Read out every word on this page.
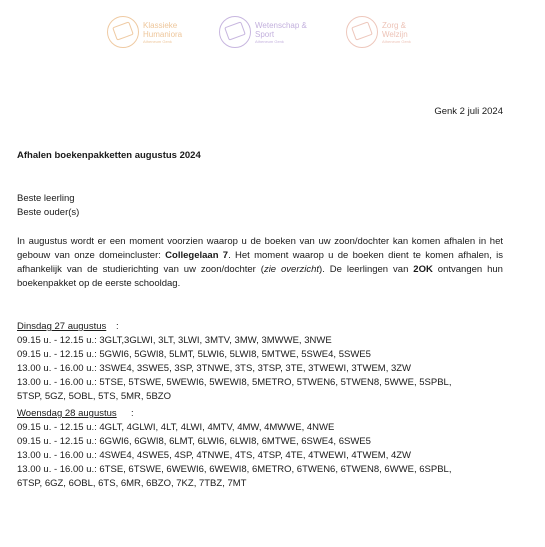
Klassieke
Humaniora
Atheneum Genk
Wetenschap &
Sport
Atheneum Genk
Zorg &
Welzijn
Atheneum Genk
Genk 2 juli 2024
Afhalen boekenpakketten augustus 2024
Beste leerling
Beste ouder(s)
In augustus wordt er een moment voorzien waarop u de boeken van uw zoon/dochter kan komen afhalen in het gebouw van onze domeincluster: Collegelaan 7. Het moment waarop u de boeken dient te komen afhalen, is afhankelijk van de studierichting van uw zoon/dochter (zie overzicht). De leerlingen van 2OK ontvangen hun boekenpakket op de eerste schooldag.
Dinsdag 27 augustus	:
09.15 u. - 12.15 u.: 3GLT,3GLWI, 3LT, 3LWI, 3MTV, 3MW, 3MWWE, 3NWE
09.15 u. - 12.15 u.: 5GWI6, 5GWI8, 5LMT, 5LWI6, 5LWI8, 5MTWE, 5SWE4, 5SWE5
13.00 u. - 16.00 u.: 3SWE4, 3SWE5, 3SP, 3TNWE, 3TS, 3TSP, 3TE, 3TWEWI, 3TWEM, 3ZW
13.00 u. - 16.00 u.: 5TSE, 5TSWE, 5WEWI6, 5WEWI8, 5METRO, 5TWEN6, 5TWEN8, 5WWE, 5SPBL,
5TSP, 5GZ, 5OBL, 5TS, 5MR, 5BZO
Woensdag 28 augustus	:
09.15 u. - 12.15 u.: 4GLT, 4GLWI, 4LT, 4LWI, 4MTV, 4MW, 4MWWE, 4NWE
09.15 u. - 12.15 u.: 6GWI6, 6GWI8, 6LMT, 6LWI6, 6LWI8, 6MTWE, 6SWE4, 6SWE5
13.00 u. - 16.00 u.: 4SWE4, 4SWE5, 4SP, 4TNWE, 4TS, 4TSP, 4TE, 4TWEWI, 4TWEM, 4ZW
13.00 u. - 16.00 u.: 6TSE, 6TSWE, 6WEWI6, 6WEWI8, 6METRO, 6TWEN6, 6TWEN8, 6WWE, 6SPBL,
6TSP, 6GZ, 6OBL, 6TS, 6MR, 6BZO, 7KZ, 7TBZ, 7MT
